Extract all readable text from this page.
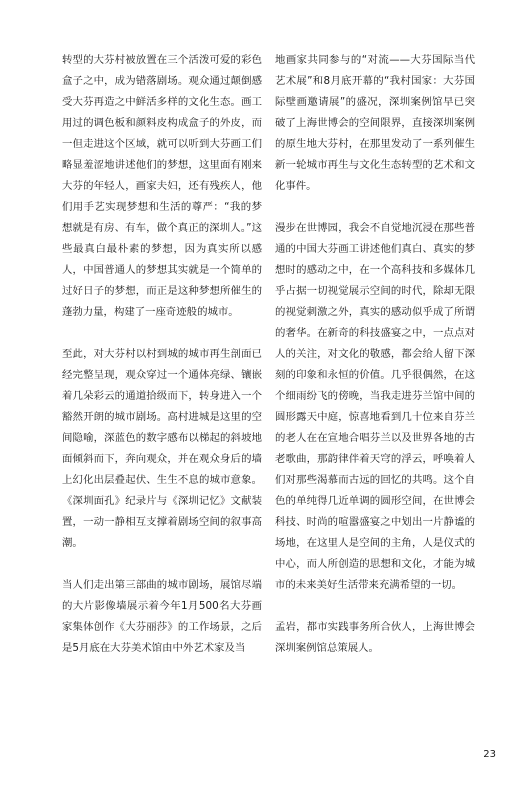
转型的大芬村被放置在三个活泼可爱的彩色盒子之中，成为错落剧场。观众通过颠倒感受大芬再造之中鲜活多样的文化生态。画工用过的调色板和颜料皮构成盒子的外皮，而一但走进这个区域，就可以听到大芬画工们略显羞涩地讲述他们的梦想，这里面有刚来大芬的年轻人，画家夫妇，还有残疾人，他们用手艺实现梦想和生活的尊严：“我的梦想就是有房、有车，做个真正的深圳人。”这些最真白最朴素的梦想，因为真实所以感人，中国普通人的梦想其实就是一个简单的过好日子的梦想，而正是这种梦想所催生的蓬勃力量，构建了一座奇迹般的城市。

至此，对大芬村以村到城的城市再生剖面已经完整呈现，观众穿过一个通体亮绿、镶嵌着几朵彩云的通道拾级而下，转身进入一个豁然开朗的城市剧场。高村进城是这里的空间隐喻，深蓝色的数字感布以梯起的斜坡地面倾斜而下，奔向观众，并在观众身后的墙上幻化出层叠起伏、生生不息的城市意象。《深圳面孔》纪录片与《深圳记忆》文献装置，一动一静相互支撑着剧场空间的叙事高潮。

当人们走出第三部曲的城市剧场，展馆尽端的大片影像墙展示着今年1月500名大芬画家集体创作《大芬丽莎》的工作场景，之后是5月底在大芬美术馆由中外艺术家及当

地画家共同参与的“对流——大芬国际当代艺术展”和8月底开幕的“我村国家：大芬国际壁画邀请展”的盛况，深圳案例馆早已突破了上海世博会的空间限界，直接深圳案例的原生地大芬村，在那里发动了一系列催生新一轮城市再生与文化生态转型的艺术和文化事件。

漫步在世博园，我会不自觉地沉浸在那些普通的中国大芬画工讲述他们真白、真实的梦想时的感动之中，在一个高科技和多媒体几乎占据一切视觉展示空间的时代，除却无限的视觉刺激之外，真实的感动似乎成了所谓的奢华。在新奇的科技盛宴之中，一点点对人的关注，对文化的敬感，都会给人留下深刻的印象和永恒的价值。几乎很偶然，在这个细雨纷飞的傍晚，当我走进芬兰馆中间的圆形露天中庭，惊喜地看到几十位来自芬兰的老人在在宣地合唱芬兰以及世界各地的古老歌曲，那韵律伴着天穹的浮云，呼唤着人们对那些渴慕而古远的回忆的共鸣。这个自色的单纯得几近单调的圆形空间，在世博会科技、时尚的喧嚣盛宴之中划出一片静谧的场地，在这里人是空间的主角，人是仪式的中心，而人所创造的思想和文化，才能为城市的未来美好生活带来充满希望的一切。

孟岩，都市实践事务所合伙人，上海世博会深圳案例馆总策展人。

23
